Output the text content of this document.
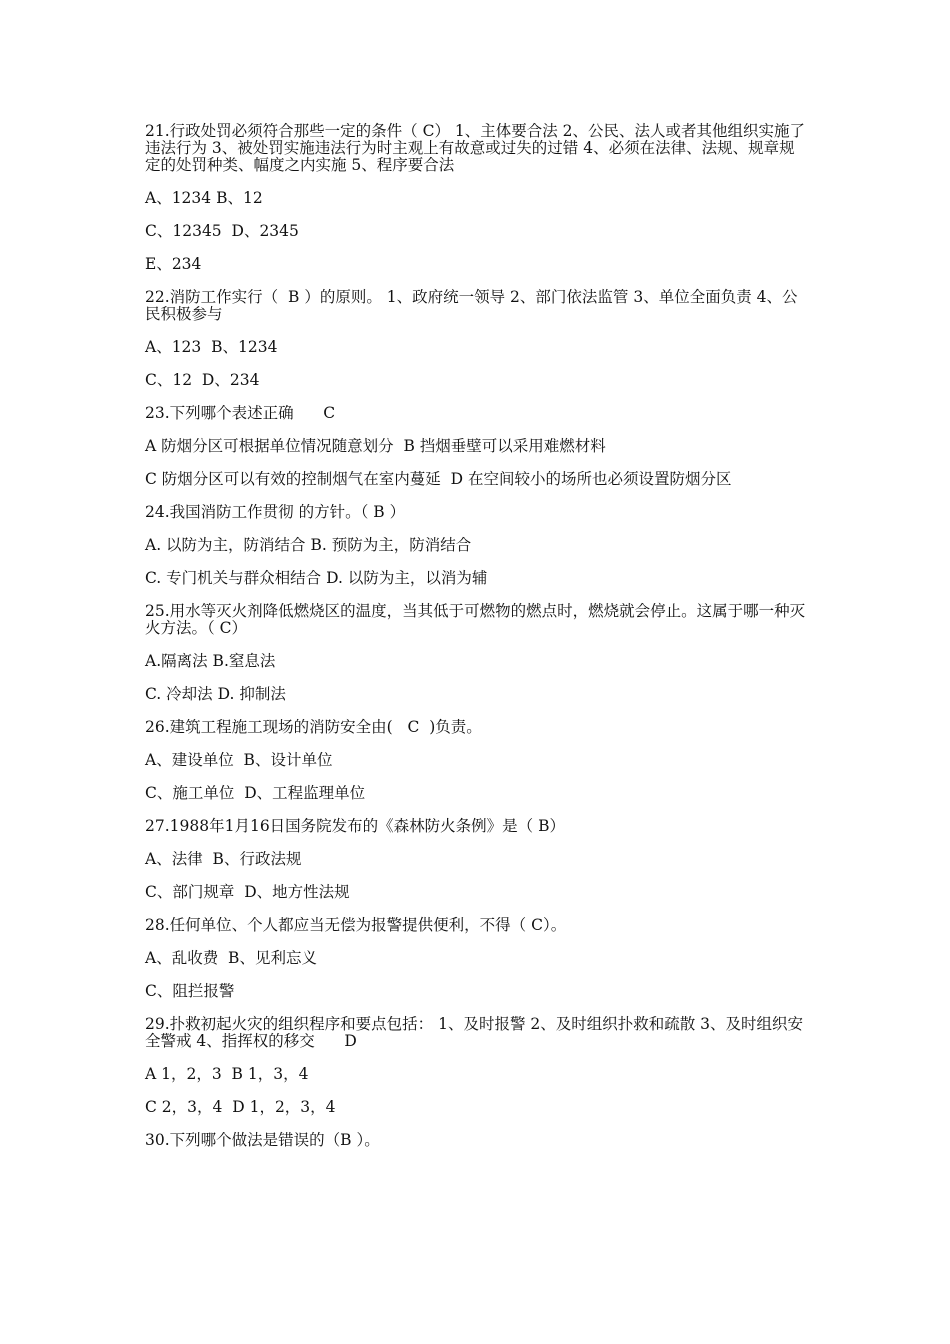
21.行政处罚必须符合那些一定的条件（ C） 1、主体要合法 2、公民、法人或者其他组织实施了违法行为 3、被处罚实施违法行为时主观上有故意或过失的过错 4、必须在法律、法规、规章规定的处罚种类、幅度之内实施 5、程序要合法
A、1234 B、12
C、12345  D、2345
E、234
22.消防工作实行（  B ）的原则。 1、政府统一领导 2、部门依法监管 3、单位全面负责 4、公民积极参与
A、123  B、1234
C、12  D、234
23.下列哪个表述正确      C
A 防烟分区可根据单位情况随意划分  B 挡烟垂壁可以采用难燃材料
C 防烟分区可以有效的控制烟气在室内蔓延  D 在空间较小的场所也必须设置防烟分区
24.我国消防工作贯彻 的方针。（ B ）
A. 以防为主，防消结合 B. 预防为主，防消结合
C. 专门机关与群众相结合 D. 以防为主，以消为辅
25.用水等灭火剂降低燃烧区的温度，当其低于可燃物的燃点时，燃烧就会停止。这属于哪一种灭火方法。（ C）
A.隔离法 B.窒息法
C. 冷却法 D. 抑制法
26.建筑工程施工现场的消防安全由(   C  )负责。
A、建设单位  B、设计单位
C、施工单位  D、工程监理单位
27.1988年1月16日国务院发布的《森林防火条例》是（ B）
A、法律  B、行政法规
C、部门规章  D、地方性法规
28.任何单位、个人都应当无偿为报警提供便利，不得（ C）。
A、乱收费  B、见利忘义
C、阻拦报警
29.扑救初起火灾的组织程序和要点包括： 1、及时报警 2、及时组织扑救和疏散 3、及时组织安全警戒 4、指挥权的移交      D
A 1，2，3  B 1，3，4
C 2，3，4  D 1，2，3，4
30.下列哪个做法是错误的（B ）。
